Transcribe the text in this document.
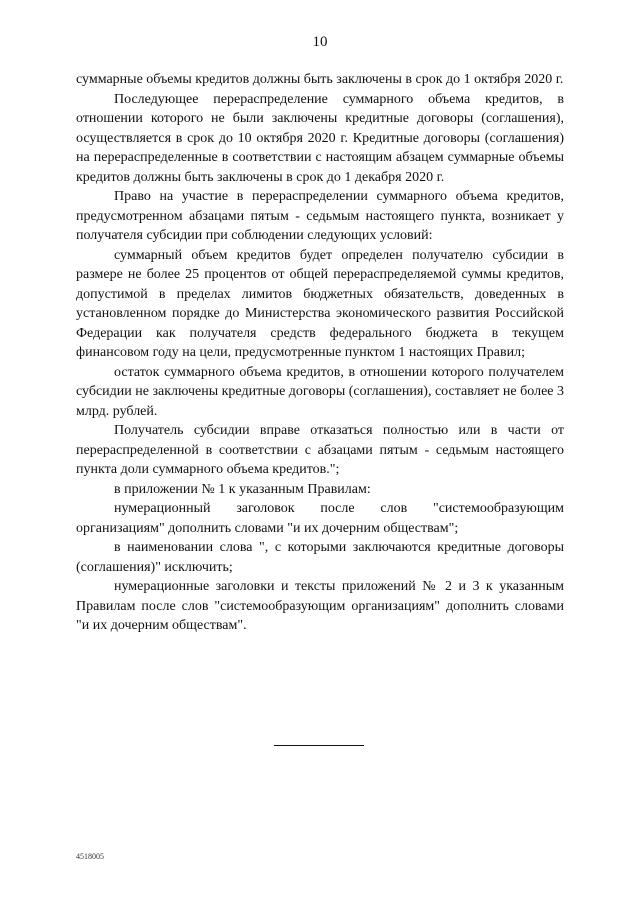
10

суммарные объемы кредитов должны быть заключены в срок до 1 октября 2020 г.

Последующее перераспределение суммарного объема кредитов, в отношении которого не были заключены кредитные договоры (соглашения), осуществляется в срок до 10 октября 2020 г. Кредитные договоры (соглашения) на перераспределенные в соответствии с настоящим абзацем суммарные объемы кредитов должны быть заключены в срок до 1 декабря 2020 г.

Право на участие в перераспределении суммарного объема кредитов, предусмотренном абзацами пятым - седьмым настоящего пункта, возникает у получателя субсидии при соблюдении следующих условий:

суммарный объем кредитов будет определен получателю субсидии в размере не более 25 процентов от общей перераспределяемой суммы кредитов, допустимой в пределах лимитов бюджетных обязательств, доведенных в установленном порядке до Министерства экономического развития Российской Федерации как получателя средств федерального бюджета в текущем финансовом году на цели, предусмотренные пунктом 1 настоящих Правил;

остаток суммарного объема кредитов, в отношении которого получателем субсидии не заключены кредитные договоры (соглашения), составляет не более 3 млрд. рублей.

Получатель субсидии вправе отказаться полностью или в части от перераспределенной в соответствии с абзацами пятым - седьмым настоящего пункта доли суммарного объема кредитов.";

в приложении № 1 к указанным Правилам:

нумерационный заголовок после слов "системообразующим организациям" дополнить словами "и их дочерним обществам";

в наименовании слова ", с которыми заключаются кредитные договоры (соглашения)" исключить;

нумерационные заголовки и тексты приложений № 2 и 3 к указанным Правилам после слов "системообразующим организациям" дополнить словами "и их дочерним обществам".

4518005
